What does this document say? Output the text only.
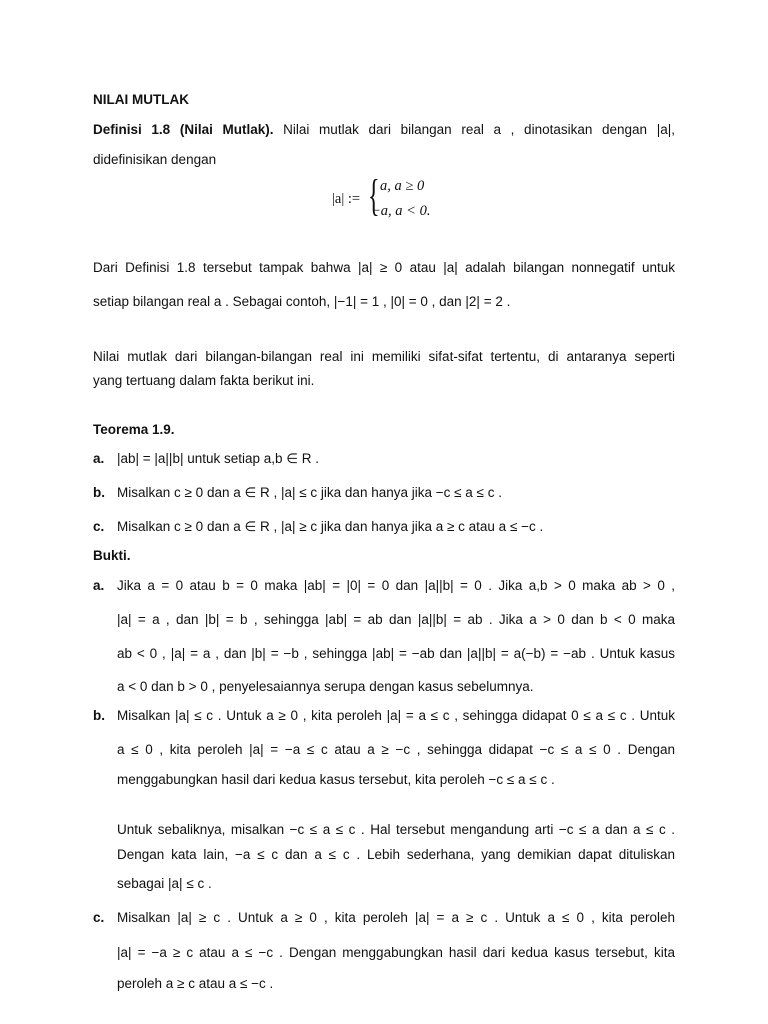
NILAI MUTLAK
Definisi 1.8 (Nilai Mutlak). Nilai mutlak dari bilangan real a , dinotasikan dengan |a|,
didefinisikan dengan
|a| := { a, a ≥ 0
−a, a < 0.
Dari Definisi 1.8 tersebut tampak bahwa |a| ≥ 0 atau |a| adalah bilangan nonnegatif untuk
setiap bilangan real a . Sebagai contoh, |−1| = 1 , |0| = 0 , dan |2| = 2 .
Nilai mutlak dari bilangan-bilangan real ini memiliki sifat-sifat tertentu, di antaranya seperti
yang tertuang dalam fakta berikut ini.
Teorema 1.9.
a. |ab| = |a||b| untuk setiap a,b ∈ R .
b. Misalkan c ≥ 0 dan a ∈ R , |a| ≤ c jika dan hanya jika −c ≤ a ≤ c .
c. Misalkan c ≥ 0 dan a ∈ R , |a| ≥ c jika dan hanya jika a ≥ c atau a ≤ −c .
Bukti.
a. Jika a = 0 atau b = 0 maka |ab| = |0| = 0 dan |a||b| = 0 . Jika a,b > 0 maka ab > 0 ,
|a| = a , dan |b| = b , sehingga |ab| = ab dan |a||b| = ab . Jika a > 0 dan b < 0 maka
ab < 0 , |a| = a , dan |b| = −b , sehingga |ab| = −ab dan |a||b| = a(−b) = −ab . Untuk kasus
a < 0 dan b > 0 , penyelesaiannya serupa dengan kasus sebelumnya.
b. Misalkan |a| ≤ c . Untuk a ≥ 0 , kita peroleh |a| = a ≤ c , sehingga didapat 0 ≤ a ≤ c . Untuk
a ≤ 0 , kita peroleh |a| = −a ≤ c atau a ≥ −c , sehingga didapat −c ≤ a ≤ 0 . Dengan
menggabungkan hasil dari kedua kasus tersebut, kita peroleh −c ≤ a ≤ c .
Untuk sebaliknya, misalkan −c ≤ a ≤ c . Hal tersebut mengandung arti −c ≤ a dan a ≤ c .
Dengan kata lain, −a ≤ c dan a ≤ c . Lebih sederhana, yang demikian dapat dituliskan
sebagai |a| ≤ c .
c. Misalkan |a| ≥ c . Untuk a ≥ 0 , kita peroleh |a| = a ≥ c . Untuk a ≤ 0 , kita peroleh
|a| = −a ≥ c atau a ≤ −c . Dengan menggabungkan hasil dari kedua kasus tersebut, kita
peroleh a ≥ c atau a ≤ −c .
